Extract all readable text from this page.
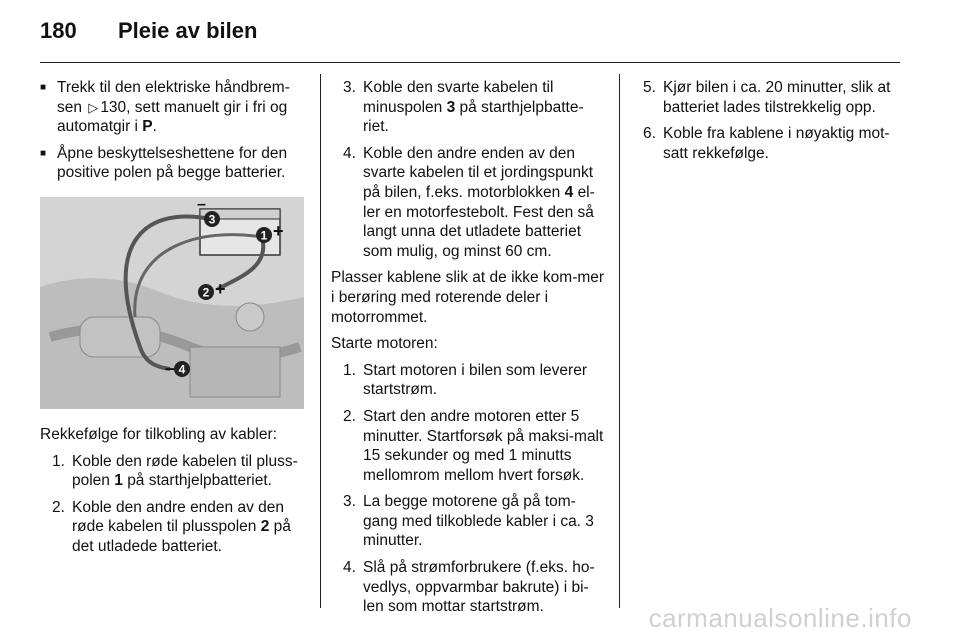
180 Pleie av bilen
■ Trekk til den elektriske håndbrem-sen ▷ 130, sett manuelt gir i fri og automatgir i P.
■ Åpne beskyttelseshettene for den positive polen på begge batterier.
3
–
1 +
2 +
4
–
Rekkefølge for tilkobling av kabler:
1. Koble den røde kabelen til pluss-polen 1 på starthjelpbatteriet.
2. Koble den andre enden av den røde kabelen til plusspolen 2 på det utladede batteriet.
3. Koble den svarte kabelen til minuspolen 3 på starthjelpbatte-riet.
4. Koble den andre enden av den svarte kabelen til et jordingspunkt på bilen, f.eks. motorblokken 4 el-ler en motorfestebolt. Fest den så langt unna det utladete batteriet som mulig, og minst 60 cm.
Plasser kablene slik at de ikke kom-mer i berøring med roterende deler i motorrommet.
Starte motoren:
1. Start motoren i bilen som leverer startstrøm.
2. Start den andre motoren etter 5 minutter. Startforsøk på maksi-malt 15 sekunder og med 1 minutts mellomrom mellom hvert forsøk.
3. La begge motorene gå på tom-gang med tilkoblede kabler i ca. 3 minutter.
4. Slå på strømforbrukere (f.eks. ho-vedlys, oppvarmbar bakrute) i bi-len som mottar startstrøm.
5. Kjør bilen i ca. 20 minutter, slik at batteriet lades tilstrekkelig opp.
6. Koble fra kablene i nøyaktig mot-satt rekkefølge.
carmanualsonline.info
